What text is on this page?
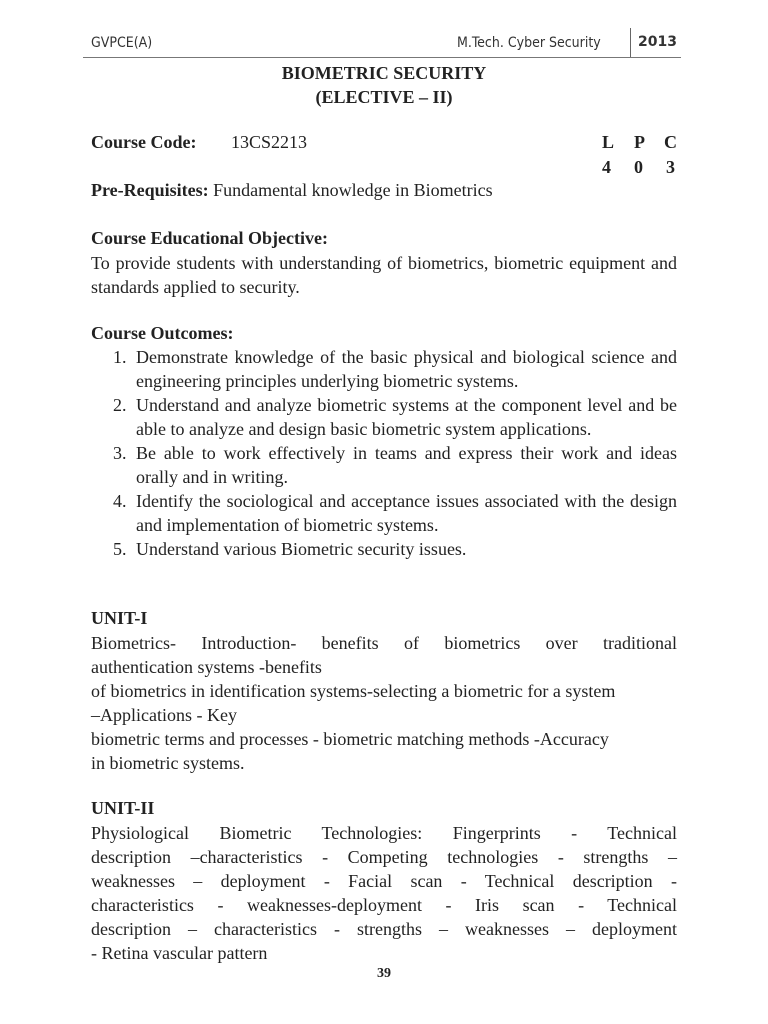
GVPCE(A)	M.Tech. Cyber Security	2013
BIOMETRIC SECURITY
(ELECTIVE – II)
Course Code: 13CS2213	L P C
4 0 3
Pre-Requisites: Fundamental knowledge in Biometrics
Course Educational Objective:
To provide students with understanding of biometrics, biometric equipment and standards applied to security.
Course Outcomes:
1. Demonstrate knowledge of the basic physical and biological science and engineering principles underlying biometric systems.
2. Understand and analyze biometric systems at the component level and be able to analyze and design basic biometric system applications.
3. Be able to work effectively in teams and express their work and ideas orally and in writing.
4. Identify the sociological and acceptance issues associated with the design and implementation of biometric systems.
5. Understand various Biometric security issues.
UNIT-I
Biometrics- Introduction- benefits of biometrics over traditional
authentication systems -benefits
of biometrics in identification systems-selecting a biometric for a system
–Applications - Key
biometric terms and processes - biometric matching methods -Accuracy
in biometric systems.
UNIT-II
Physiological Biometric Technologies: Fingerprints - Technical
description –characteristics - Competing technologies - strengths –
weaknesses – deployment - Facial scan - Technical description -
characteristics - weaknesses-deployment - Iris scan - Technical
description – characteristics - strengths – weaknesses – deployment
- Retina vascular pattern
39
